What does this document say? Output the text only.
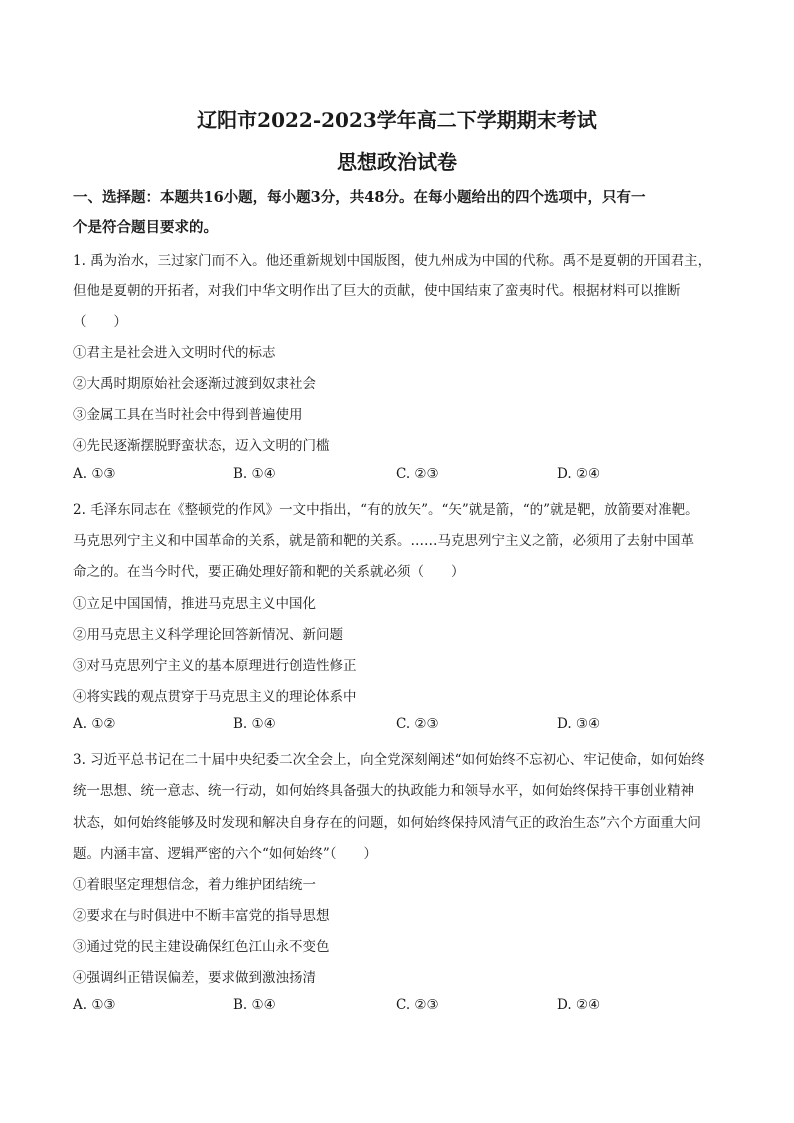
辽阳市2022-2023学年高二下学期期末考试
思想政治试卷
一、选择题：本题共16小题，每小题3分，共48分。在每小题给出的四个选项中，只有一
个是符合题目要求的。
1. 禹为治水，三过家门而不入。他还重新规划中国版图，使九州成为中国的代称。禹不是夏朝的开国君主，
但他是夏朝的开拓者，对我们中华文明作出了巨大的贡献，使中国结束了蛮夷时代。根据材料可以推断
（　　）
①君主是社会进入文明时代的标志
②大禹时期原始社会逐渐过渡到奴隶社会
③金属工具在当时社会中得到普遍使用
④先民逐渐摆脱野蛮状态，迈入文明的门槛
A. ①③	B. ①④	C. ②③	D. ②④
2. 毛泽东同志在《整顿党的作风》一文中指出，“有的放矢”。“矢”就是箭，“的”就是靶，放箭要对准靶。
马克思列宁主义和中国革命的关系，就是箭和靶的关系。……马克思列宁主义之箭，必须用了去射中国革
命之的。在当今时代，要正确处理好箭和靶的关系就必须（　　）
①立足中国国情，推进马克思主义中国化
②用马克思主义科学理论回答新情况、新问题
③对马克思列宁主义的基本原理进行创造性修正
④将实践的观点贯穿于马克思主义的理论体系中
A. ①②	B. ①④	C. ②③	D. ③④
3. 习近平总书记在二十届中央纪委二次全会上，向全党深刻阐述“如何始终不忘初心、牢记使命，如何始终
统一思想、统一意志、统一行动，如何始终具备强大的执政能力和领导水平，如何始终保持干事创业精神
状态，如何始终能够及时发现和解决自身存在的问题，如何始终保持风清气正的政治生态”六个方面重大问
题。内涵丰富、逻辑严密的六个“如何始终”（　　）
①着眼坚定理想信念，着力维护团结统一
②要求在与时俱进中不断丰富党的指导思想
③通过党的民主建设确保红色江山永不变色
④强调纠正错误偏差，要求做到激浊扬清
A. ①③	B. ①④	C. ②③	D. ②④
